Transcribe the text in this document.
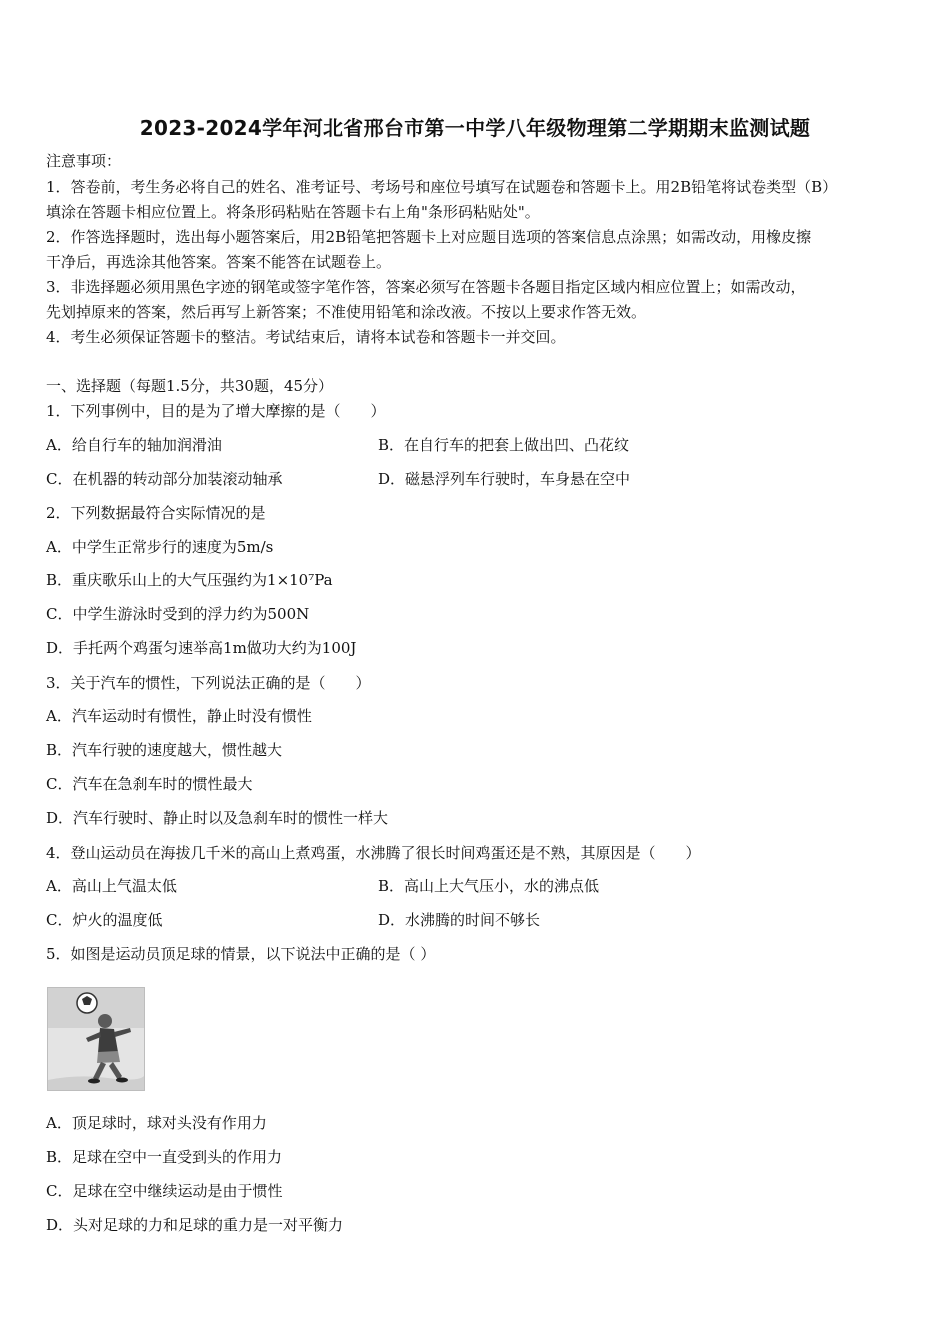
2023-2024学年河北省邢台市第一中学八年级物理第二学期期末监测试题
注意事项：
1．答卷前，考生务必将自己的姓名、准考证号、考场号和座位号填写在试题卷和答题卡上。用2B铅笔将试卷类型（B）
填涂在答题卡相应位置上。将条形码粘贴在答题卡右上角"条形码粘贴处"。
2．作答选择题时，选出每小题答案后，用2B铅笔把答题卡上对应题目选项的答案信息点涂黑；如需改动，用橡皮擦
干净后，再选涂其他答案。答案不能答在试题卷上。
3．非选择题必须用黑色字迹的钢笔或签字笔作答，答案必须写在答题卡各题目指定区域内相应位置上；如需改动，
先划掉原来的答案，然后再写上新答案；不准使用铅笔和涂改液。不按以上要求作答无效。
4．考生必须保证答题卡的整洁。考试结束后，请将本试卷和答题卡一并交回。
一、选择题（每题1.5分，共30题，45分）
1．下列事例中，目的是为了增大摩擦的是（　　）
A．给自行车的轴加润滑油	B．在自行车的把套上做出凹、凸花纹
C．在机器的转动部分加装滚动轴承	D．磁悬浮列车行驶时，车身悬在空中
2．下列数据最符合实际情况的是
A．中学生正常步行的速度为5m/s
B．重庆歌乐山上的大气压强约为1×10⁷Pa
C．中学生游泳时受到的浮力约为500N
D．手托两个鸡蛋匀速举高1m做功大约为100J
3．关于汽车的惯性，下列说法正确的是（　　）
A．汽车运动时有惯性，静止时没有惯性
B．汽车行驶的速度越大，惯性越大
C．汽车在急刹车时的惯性最大
D．汽车行驶时、静止时以及急刹车时的惯性一样大
4．登山运动员在海拔几千米的高山上煮鸡蛋，水沸腾了很长时间鸡蛋还是不熟，其原因是（　　）
A．高山上气温太低	B．高山上大气压小，水的沸点低
C．炉火的温度低	D．水沸腾的时间不够长
5．如图是运动员顶足球的情景，以下说法中正确的是（ ）
A．顶足球时，球对头没有作用力
B．足球在空中一直受到头的作用力
C．足球在空中继续运动是由于惯性
D．头对足球的力和足球的重力是一对平衡力
